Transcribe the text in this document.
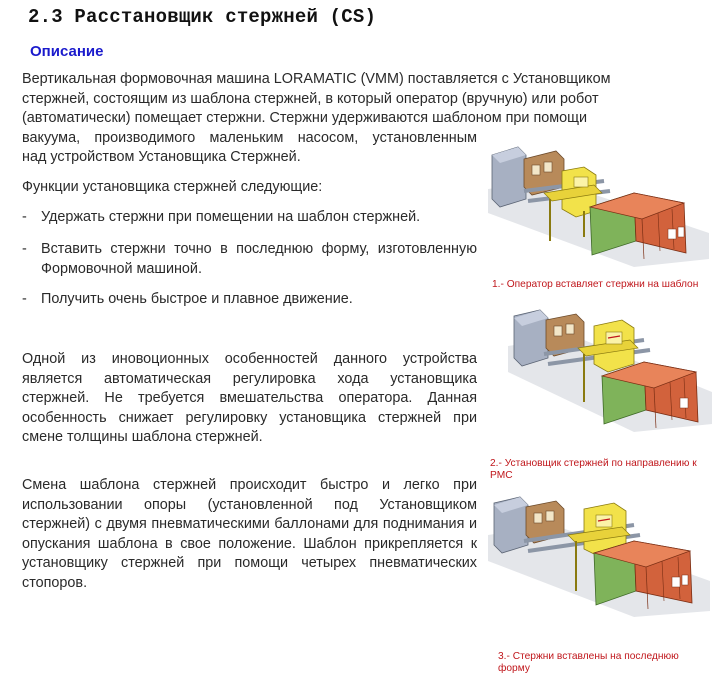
2.3 Расстановщик стержней (CS)
Описание
Вертикальная формовочная машина LORAMATIC (VMM) поставляется с Установщиком
стержней, состоящим из шаблона стержней, в который оператор (вручную) или робот
(автоматически) помещает стержни. Стержни удерживаются шаблоном при помощи
вакуума, производимого маленьким насосом, установленным
над устройством Установщика Стержней.
Функции установщика стержней следующие:
- Удержать стержни при помещении на шаблон стержней.
- Вставить стержни точно в последнюю форму, изготовленную Формовочной машиной.
- Получить очень быстрое и плавное движение.

Одной из иновоционных особенностей данного устройства является автоматическая регулировка хода установщика стержней. Не требуется вмешательства оператора. Данная особенность снижает регулировку установщика стержней при смене толщины шаблона стержней.

Смена шаблона стержней происходит быстро и легко при использовании опоры (установленной под Установщиком стержней) с двумя пневматическими баллонами для поднимания и опускания шаблона в свое положение. Шаблон прикрепляется к установщику стержней при помощи четырех пневматических стопоров.

1.- Оператор вставляет стержни на шаблон
2.- Установщик стержней по направлению к PMC
3.- Стержни вставлены на последнюю форму
